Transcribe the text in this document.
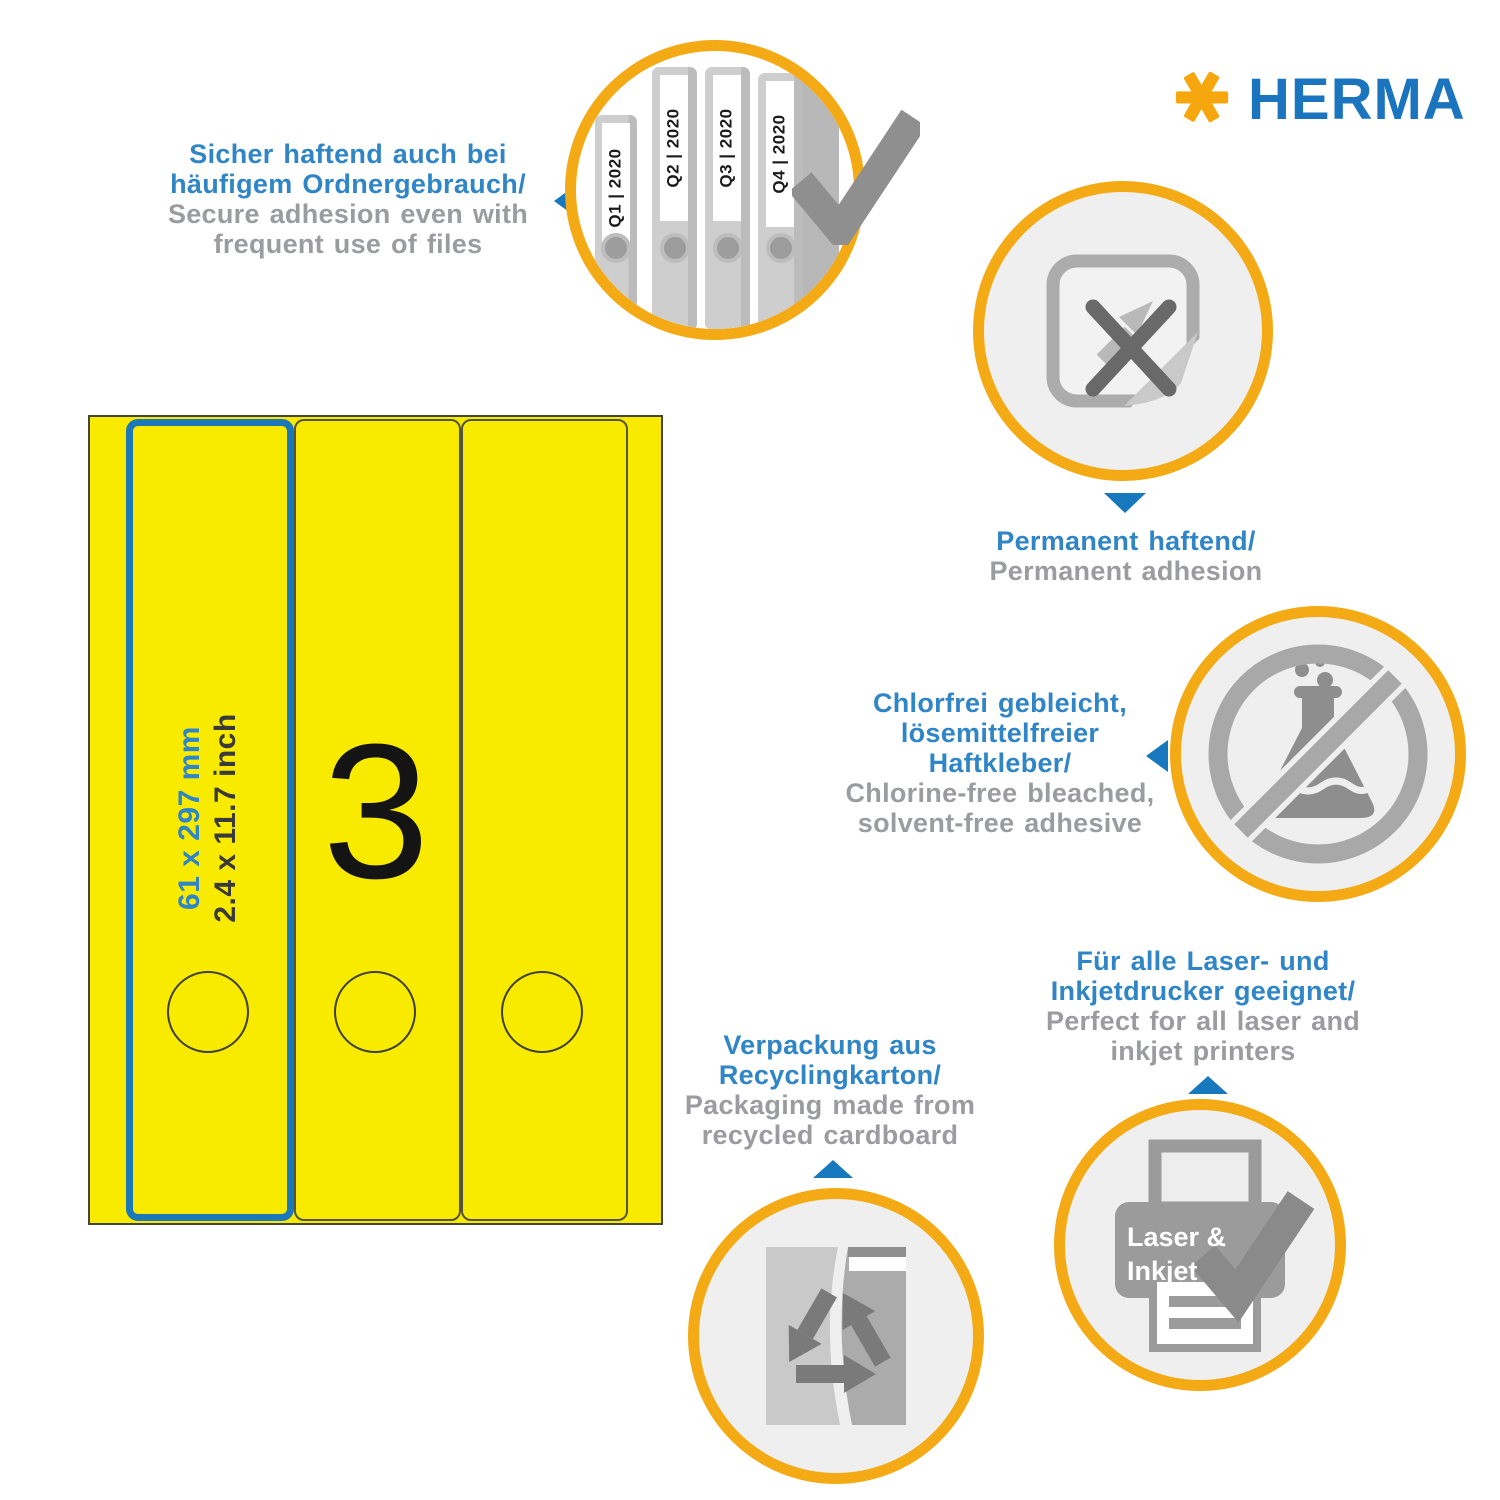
HERMA

Sicher haftend auch bei

häufigem Ordnergebrauch/

Secure adhesion even with

frequent use of files

Q1 | 2020
Q2 | 2020 Q3 | 2020 Q4 | 2020

Permanent haftend/

Permanent adhesion

61 x 297 mm 2.4 x 11.7 inch 3

Chlorfrei gebleicht,

lösemittelfreier

Haftkleber/

Chlorine-free bleached,

solvent-free adhesive

Für alle Laser- und

Inkjetdrucker geeignet/

Perfect for all laser and

inkjet printers

Laser &

Inkjet

Verpackung aus

Recyclingkarton/

Packaging made from

recycled cardboard
